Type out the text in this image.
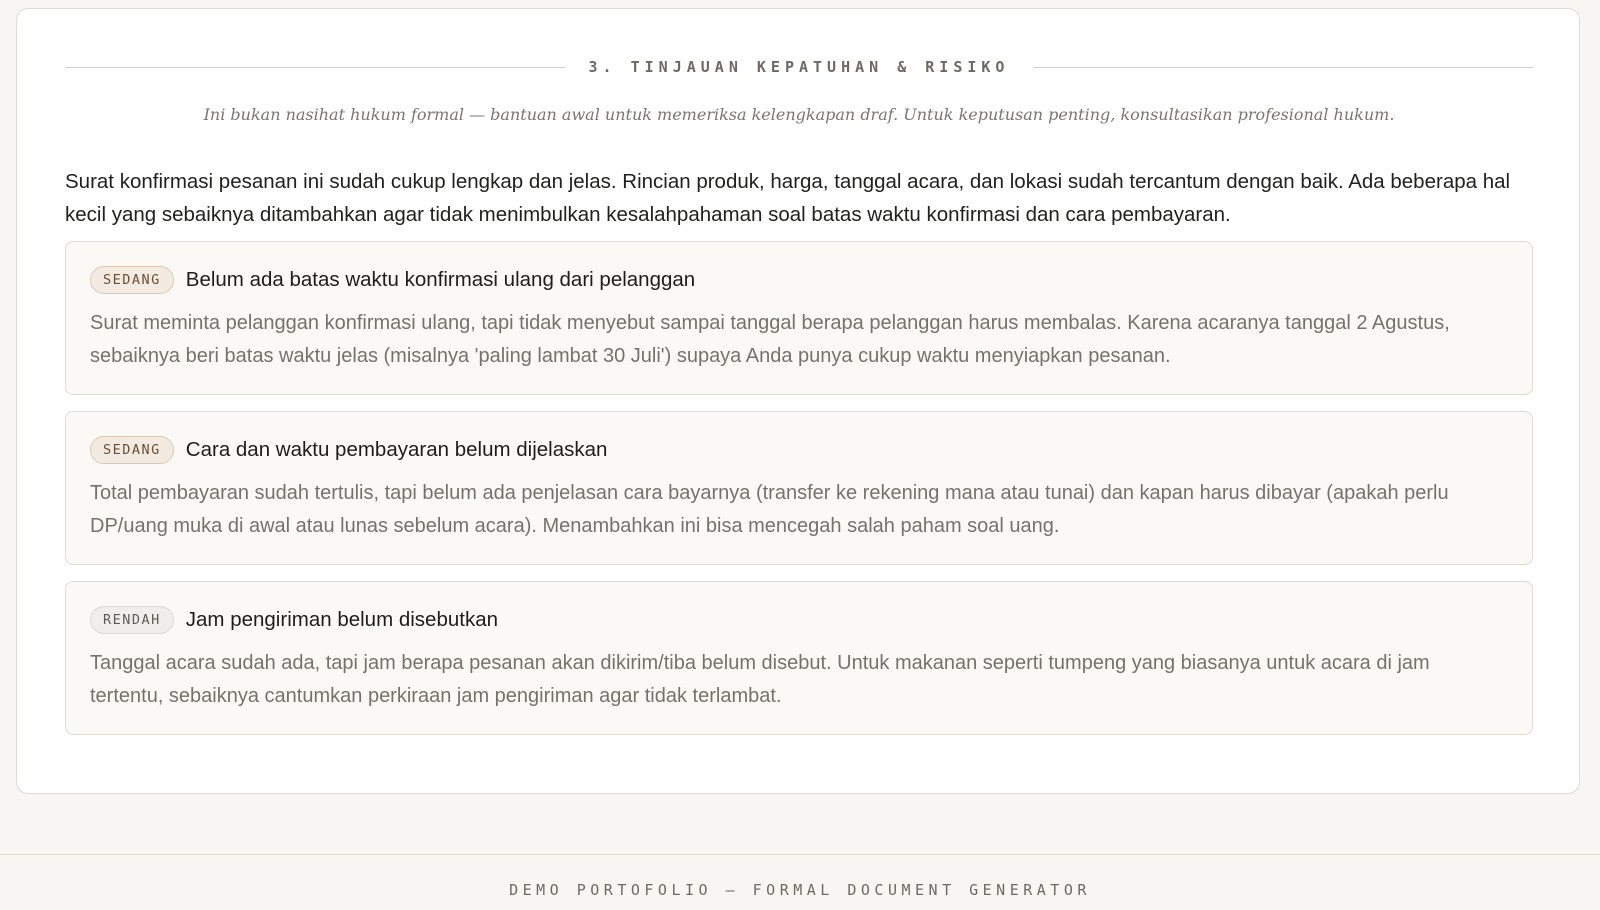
3. TINJAUAN KEPATUHAN & RISIKO
Ini bukan nasihat hukum formal — bantuan awal untuk memeriksa kelengkapan draf. Untuk keputusan penting, konsultasikan profesional hukum.

Surat konfirmasi pesanan ini sudah cukup lengkap dan jelas. Rincian produk, harga, tanggal acara, dan lokasi sudah tercantum dengan baik. Ada beberapa hal kecil yang sebaiknya ditambahkan agar tidak menimbulkan kesalahpahaman soal batas waktu konfirmasi dan cara pembayaran.

SEDANG	Belum ada batas waktu konfirmasi ulang dari pelanggan

Surat meminta pelanggan konfirmasi ulang, tapi tidak menyebut sampai tanggal berapa pelanggan harus membalas. Karena acaranya tanggal 2 Agustus, sebaiknya beri batas waktu jelas (misalnya 'paling lambat 30 Juli') supaya Anda punya cukup waktu menyiapkan pesanan.

SEDANG	Cara dan waktu pembayaran belum dijelaskan

Total pembayaran sudah tertulis, tapi belum ada penjelasan cara bayarnya (transfer ke rekening mana atau tunai) dan kapan harus dibayar (apakah perlu DP/uang muka di awal atau lunas sebelum acara). Menambahkan ini bisa mencegah salah paham soal uang.

RENDAH	Jam pengiriman belum disebutkan

Tanggal acara sudah ada, tapi jam berapa pesanan akan dikirim/tiba belum disebut. Untuk makanan seperti tumpeng yang biasanya untuk acara di jam tertentu, sebaiknya cantumkan perkiraan jam pengiriman agar tidak terlambat.

DEMO PORTOFOLIO — FORMAL DOCUMENT GENERATOR
